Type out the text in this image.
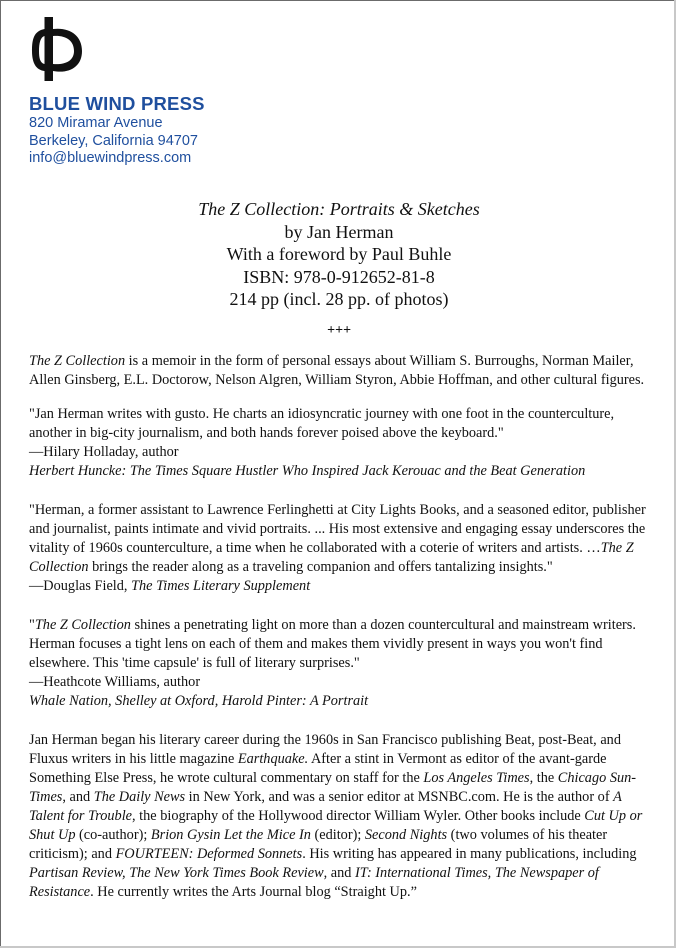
BLUE WIND PRESS
820 Miramar Avenue
Berkeley, California 94707
info@bluewindpress.com
The Z Collection: Portraits & Sketches
by Jan Herman
With a foreword by Paul Buhle
ISBN: 978-0-912652-81-8
214 pp (incl. 28 pp. of photos)
+++

The Z Collection is a memoir in the form of personal essays about William S. Burroughs, Norman Mailer, Allen Ginsberg, E.L. Doctorow, Nelson Algren, William Styron, Abbie Hoffman, and other cultural figures.

"Jan Herman writes with gusto. He charts an idiosyncratic journey with one foot in the counterculture, another in big-city journalism, and both hands forever poised above the keyboard."

—Hilary Holladay, author

Herbert Huncke: The Times Square Hustler Who Inspired Jack Kerouac and the Beat Generation

"Herman, a former assistant to Lawrence Ferlinghetti at City Lights Books, and a seasoned editor, publisher and journalist, paints intimate and vivid portraits. ... His most extensive and engaging essay underscores the vitality of 1960s counterculture, a time when he collaborated with a coterie of writers and artists. …The Z Collection brings the reader along as a traveling companion and offers tantalizing insights."

—Douglas Field, The Times Literary Supplement

"The Z Collection shines a penetrating light on more than a dozen countercultural and mainstream writers. Herman focuses a tight lens on each of them and makes them vividly present in ways you won't find elsewhere. This 'time capsule' is full of literary surprises."

—Heathcote Williams, author

Whale Nation, Shelley at Oxford, Harold Pinter: A Portrait

Jan Herman began his literary career during the 1960s in San Francisco publishing Beat, post-Beat, and Fluxus writers in his little magazine Earthquake. After a stint in Vermont as editor of the avant-garde Something Else Press, he wrote cultural commentary on staff for the Los Angeles Times, the Chicago Sun-Times, and The Daily News in New York, and was a senior editor at MSNBC.com. He is the author of A Talent for Trouble, the biography of the Hollywood director William Wyler. Other books include Cut Up or Shut Up (co-author); Brion Gysin Let the Mice In (editor); Second Nights (two volumes of his theater criticism); and FOURTEEN: Deformed Sonnets. His writing has appeared in many publications, including Partisan Review, The New York Times Book Review, and IT: International Times, The Newspaper of Resistance. He currently writes the Arts Journal blog “Straight Up.”
